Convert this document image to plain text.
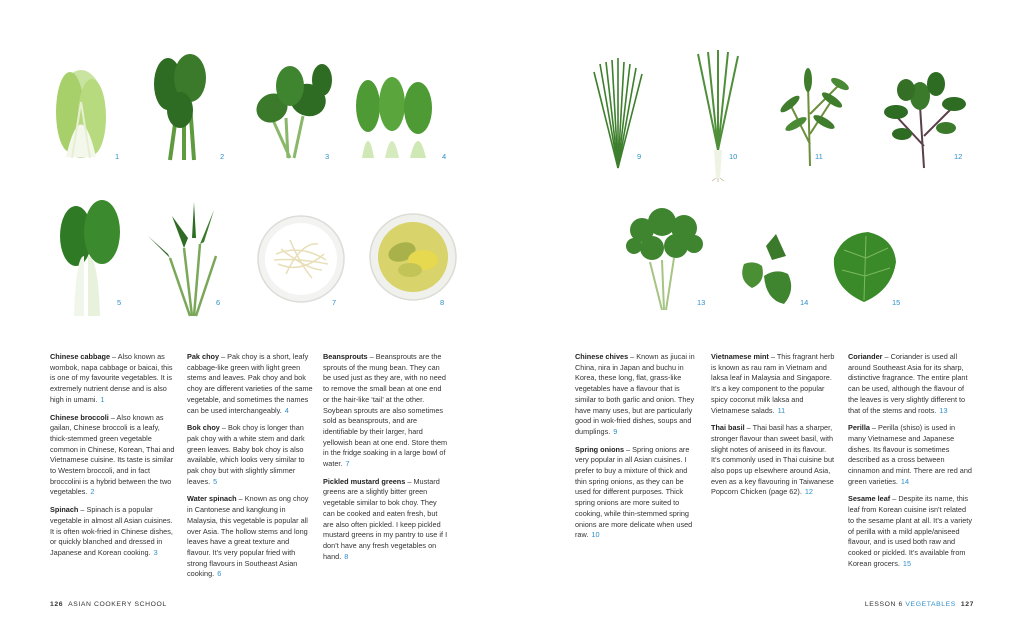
1	2	3	4
5	6	7	8
9	10	11	12
13	14	15

Chinese cabbage – Also known as wombok, napa cabbage or baicai, this is one of my favourite vegetables. It is extremely nutrient dense and is also high in umami. 1

Chinese broccoli – Also known as gailan, Chinese broccoli is a leafy, thick-stemmed green vegetable common in Chinese, Korean, Thai and Vietnamese cuisine. Its taste is similar to Western broccoli, and in fact broccolini is a hybrid between the two vegetables. 2

Spinach – Spinach is a popular vegetable in almost all Asian cuisines. It is often wok-fried in Chinese dishes, or quickly blanched and dressed in Japanese and Korean cooking. 3

Pak choy – Pak choy is a short, leafy cabbage-like green with light green stems and leaves. Pak choy and bok choy are different varieties of the same vegetable, and sometimes the names can be used interchangeably. 4

Bok choy – Bok choy is longer than pak choy with a white stem and dark green leaves. Baby bok choy is also available, which looks very similar to pak choy but with slightly slimmer leaves. 5

Water spinach – Known as ong choy in Cantonese and kangkung in Malaysia, this vegetable is popular all over Asia. The hollow stems and long leaves have a great texture and flavour. It’s very popular fried with strong flavours in Southeast Asian cooking. 6

Beansprouts – Beansprouts are the sprouts of the mung bean. They can be used just as they are, with no need to remove the small bean at one end or the hair-like ‘tail’ at the other. Soybean sprouts are also sometimes sold as beansprouts, and are identifiable by their larger, hard yellowish bean at one end. Store them in the fridge soaking in a large bowl of water. 7

Pickled mustard greens – Mustard greens are a slightly bitter green vegetable similar to bok choy. They can be cooked and eaten fresh, but are also often pickled. I keep pickled mustard greens in my pantry to use if I don’t have any fresh vegetables on hand. 8

Chinese chives – Known as jiucai in China, nira in Japan and buchu in Korea, these long, flat, grass-like vegetables have a flavour that is similar to both garlic and onion. They have many uses, but are particularly good in wok-fried dishes, soups and dumplings. 9

Spring onions – Spring onions are very popular in all Asian cuisines. I prefer to buy a mixture of thick and thin spring onions, as they can be used for different purposes. Thick spring onions are more suited to cooking, while thin-stemmed spring onions are more delicate when used raw. 10

Vietnamese mint – This fragrant herb is known as rau ram in Vietnam and laksa leaf in Malaysia and Singapore. It’s a key component to the popular spicy coconut milk laksa and Vietnamese salads. 11

Thai basil – Thai basil has a sharper, stronger flavour than sweet basil, with slight notes of aniseed in its flavour. It’s commonly used in Thai cuisine but also pops up elsewhere around Asia, even as a key flavouring in Taiwanese Popcorn Chicken (page 62). 12

Coriander – Coriander is used all around Southeast Asia for its sharp, distinctive fragrance. The entire plant can be used, although the flavour of the leaves is very slightly different to that of the stems and roots. 13

Perilla – Perilla (shiso) is used in many Vietnamese and Japanese dishes. Its flavour is sometimes described as a cross between cinnamon and mint. There are red and green varieties. 14

Sesame leaf – Despite its name, this leaf from Korean cuisine isn’t related to the sesame plant at all. It’s a variety of perilla with a mild apple/aniseed flavour, and is used both raw and cooked or pickled. It’s available from Korean grocers. 15

126 ASIAN COOKERY SCHOOL	LESSON 6 VEGETABLES 127
